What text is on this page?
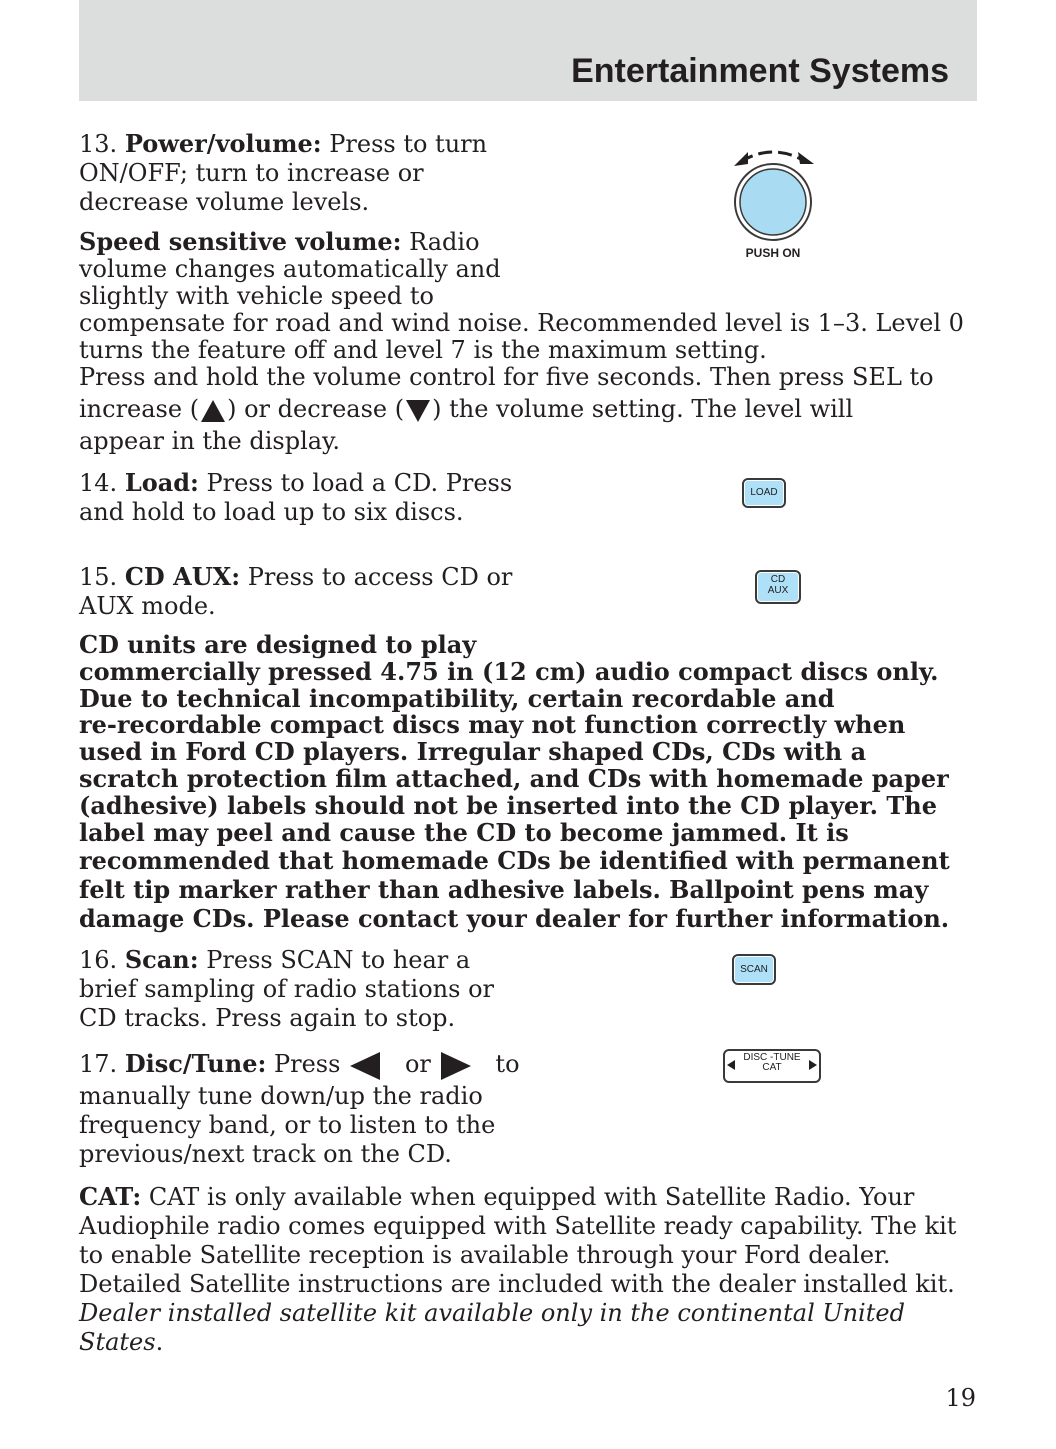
Entertainment Systems
13. Power/volume: Press to turn
ON/OFF; turn to increase or
decrease volume levels.
PUSH ON
Speed sensitive volume: Radio
volume changes automatically and
slightly with vehicle speed to
compensate for road and wind noise. Recommended level is 1–3. Level 0
turns the feature off and level 7 is the maximum setting.
Press and hold the volume control for five seconds. Then press SEL to
increase ( ) or decrease ( ) the volume setting. The level will
appear in the display.
14. Load: Press to load a CD. Press
and hold to load up to six discs.
LOAD
15. CD AUX: Press to access CD or
AUX mode.
CD
AUX
CD units are designed to play
commercially pressed 4.75 in (12 cm) audio compact discs only.
Due to technical incompatibility, certain recordable and
re-recordable compact discs may not function correctly when
used in Ford CD players. Irregular shaped CDs, CDs with a
scratch protection film attached, and CDs with homemade paper
(adhesive) labels should not be inserted into the CD player. The
label may peel and cause the CD to become jammed. It is
recommended that homemade CDs be identified with permanent
felt tip marker rather than adhesive labels. Ballpoint pens may
damage CDs. Please contact your dealer for further information.
16. Scan: Press SCAN to hear a
brief sampling of radio stations or
CD tracks. Press again to stop.
SCAN
17. Disc/Tune: Press	or	to
manually tune down/up the radio
frequency band, or to listen to the
previous/next track on the CD.
DISC -TUNE
CAT
CAT: CAT is only available when equipped with Satellite Radio. Your
Audiophile radio comes equipped with Satellite ready capability. The kit
to enable Satellite reception is available through your Ford dealer.
Detailed Satellite instructions are included with the dealer installed kit.
Dealer installed satellite kit available only in the continental United
States.
19
